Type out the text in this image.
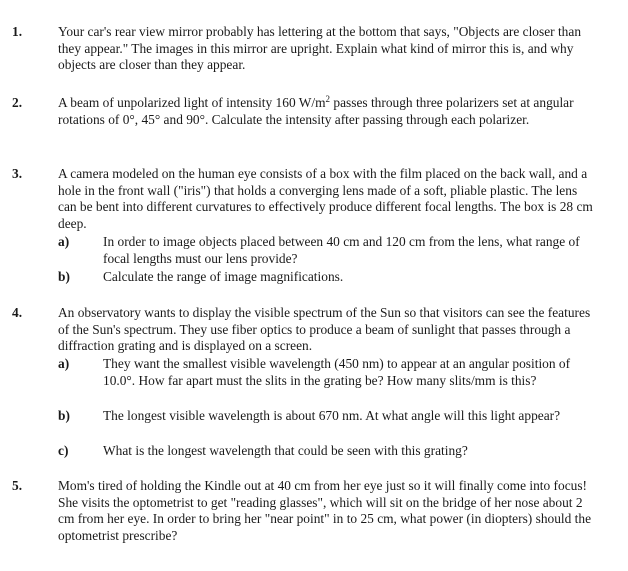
1.	Your car's rear view mirror probably has lettering at the bottom that says, "Objects are closer than they appear." The images in this mirror are upright. Explain what kind of mirror this is, and why objects are closer than they appear.
2.	A beam of unpolarized light of intensity 160 $W/m^2$ passes through three polarizers set at angular rotations of 0°, 45° and 90°. Calculate the intensity after passing through each polarizer.
3.	A camera modeled on the human eye consists of a box with the film placed on the back wall, and a hole in the front wall ("iris") that holds a converging lens made of a soft, pliable plastic. The lens can be bent into different curvatures to effectively produce different focal lengths. The box is 28 cm deep.
a)	In order to image objects placed between 40 cm and 120 cm from the lens, what range of focal lengths must our lens provide?
b) Calculate the range of image magnifications.
4.	An observatory wants to display the visible spectrum of the Sun so that visitors can see the features of the Sun's spectrum. They use fiber optics to produce a beam of sunlight that passes through a diffraction grating and is displayed on a screen.
a)	They want the smallest visible wavelength (450 nm) to appear at an angular position of 10.0°. How far apart must the slits in the grating be? How many slits/mm is this?
b) The longest visible wavelength is about 670 nm. At what angle will this light appear?
c)	What is the longest wavelength that could be seen with this grating?
5.	Mom's tired of holding the Kindle out at 40 cm from her eye just so it will finally come into focus! She visits the optometrist to get "reading glasses", which will sit on the bridge of her nose about 2 cm from her eye. In order to bring her "near point" in to 25 cm, what power (in diopters) should the optometrist prescribe?
